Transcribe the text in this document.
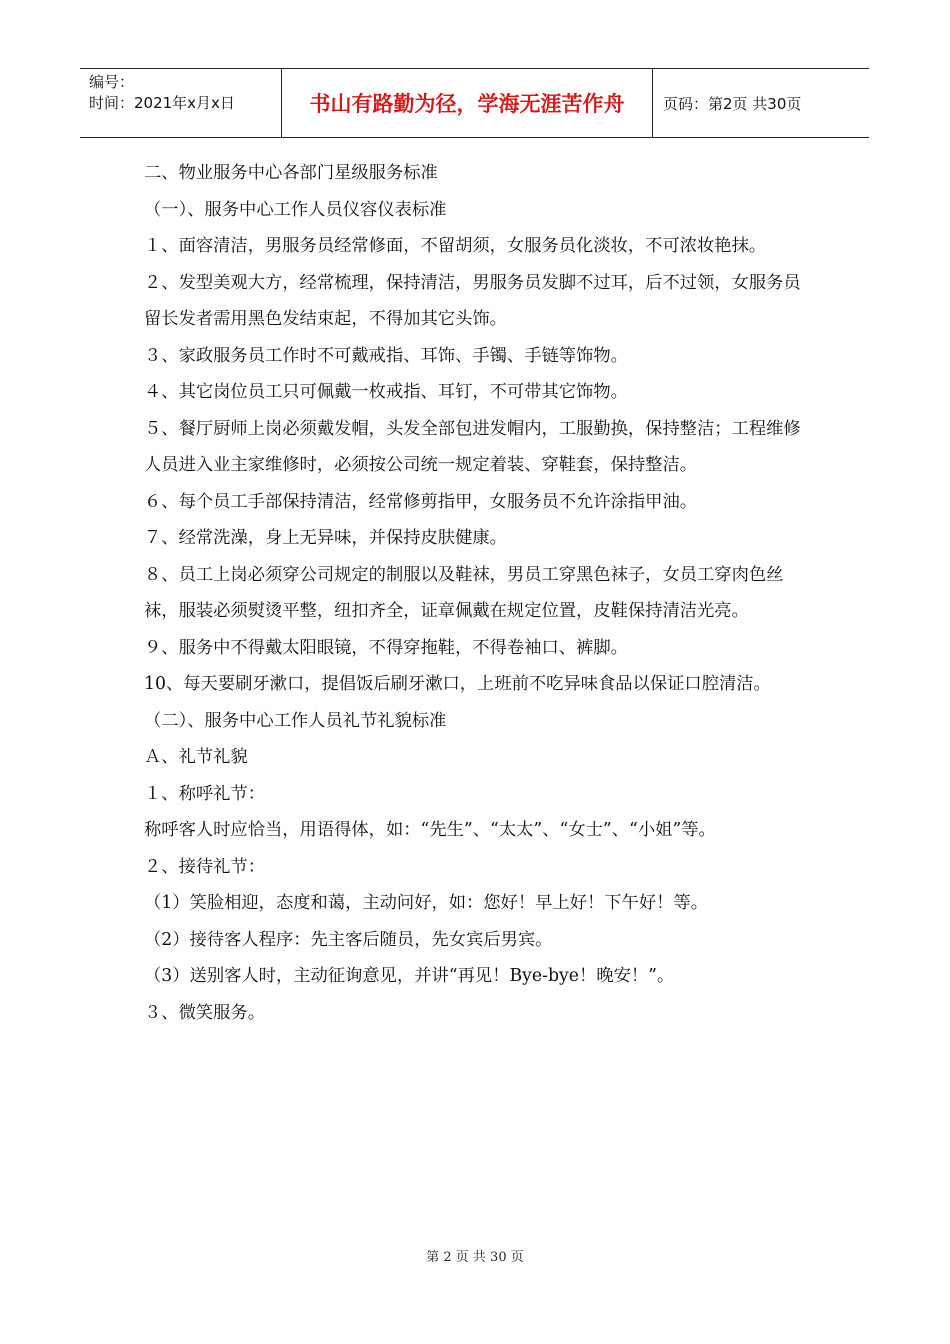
编号：
时间：2021年x月x日	书山有路勤为径，学海无涯苦作舟	页码：第2页 共30页

二、物业服务中心各部门星级服务标准

（一）、服务中心工作人员仪容仪表标准

１、面容清洁，男服务员经常修面，不留胡须，女服务员化淡妆，不可浓妆艳抹。

２、发型美观大方，经常梳理，保持清洁，男服务员发脚不过耳，后不过领，女服务员留长发者需用黑色发结束起，不得加其它头饰。

３、家政服务员工作时不可戴戒指、耳饰、手镯、手链等饰物。

４、其它岗位员工只可佩戴一枚戒指、耳钉，不可带其它饰物。

５、餐厅厨师上岗必须戴发帽，头发全部包进发帽内，工服勤换，保持整洁；工程维修人员进入业主家维修时，必须按公司统一规定着装、穿鞋套，保持整洁。

６、每个员工手部保持清洁，经常修剪指甲，女服务员不允许涂指甲油。

７、经常洗澡，身上无异味，并保持皮肤健康。

８、员工上岗必须穿公司规定的制服以及鞋袜，男员工穿黑色袜子，女员工穿肉色丝袜，服装必须熨烫平整，纽扣齐全，证章佩戴在规定位置，皮鞋保持清洁光亮。

９、服务中不得戴太阳眼镜，不得穿拖鞋，不得卷袖口、裤脚。

10、每天要刷牙漱口，提倡饭后刷牙漱口，上班前不吃异味食品以保证口腔清洁。

（二）、服务中心工作人员礼节礼貌标准

Ａ、礼节礼貌

１、称呼礼节：

称呼客人时应恰当，用语得体，如：“先生”、“太太”、“女士”、“小姐”等。

２、接待礼节：

（1）笑脸相迎，态度和蔼，主动问好，如：您好！早上好！下午好！等。

（2）接待客人程序：先主客后随员，先女宾后男宾。

（3）送别客人时，主动征询意见，并讲“再见！Bye-bye！晚安！”。

３、微笑服务。

第 2 页 共 30 页
